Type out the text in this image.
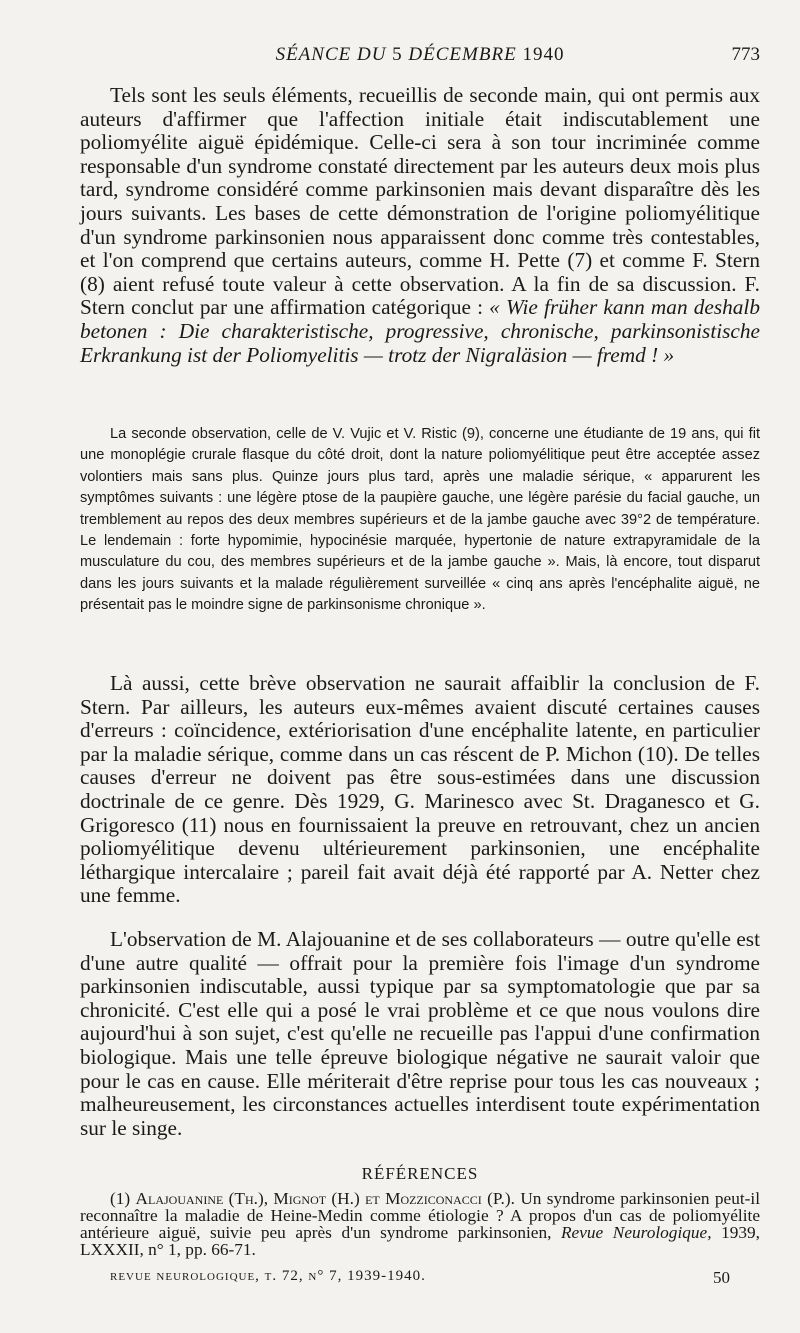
SÉANCE DU 5 DÉCEMBRE 1940	773

Tels sont les seuls éléments, recueillis de seconde main, qui ont permis aux auteurs d'affirmer que l'affection initiale était indiscutablement une poliomyélite aiguë épidémique. Celle-ci sera à son tour incriminée comme responsable d'un syndrome constaté directement par les auteurs deux mois plus tard, syndrome considéré comme parkinsonien mais devant disparaître dès les jours suivants. Les bases de cette démonstration de l'origine poliomyélitique d'un syndrome parkinsonien nous apparaissent donc comme très contestables, et l'on comprend que certains auteurs, comme H. Pette (7) et comme F. Stern (8) aient refusé toute valeur à cette observation. A la fin de sa discussion. F. Stern conclut par une affirmation catégorique : « Wie früher kann man deshalb betonen : Die charakteristische, progressive, chronische, parkinsonistische Erkrankung ist der Poliomyelitis — trotz der Nigraläsion — fremd ! »

La seconde observation, celle de V. Vujic et V. Ristic (9), concerne une étudiante de 19 ans, qui fit une monoplégie crurale flasque du côté droit, dont la nature poliomyélitique peut être acceptée assez volontiers mais sans plus. Quinze jours plus tard, après une maladie sérique, « apparurent les symptômes suivants : une légère ptose de la paupière gauche, une légère parésie du facial gauche, un tremblement au repos des deux membres supérieurs et de la jambe gauche avec 39°2 de température. Le lendemain : forte hypomimie, hypocinésie marquée, hypertonie de nature extrapyramidale de la musculature du cou, des membres supérieurs et de la jambe gauche ». Mais, là encore, tout disparut dans les jours suivants et la malade régulièrement surveillée « cinq ans après l'encéphalite aiguë, ne présentait pas le moindre signe de parkinsonisme chronique ».

Là aussi, cette brève observation ne saurait affaiblir la conclusion de F. Stern. Par ailleurs, les auteurs eux-mêmes avaient discuté certaines causes d'erreurs : coïncidence, extériorisation d'une encéphalite latente, en particulier par la maladie sérique, comme dans un cas réscent de P. Michon (10). De telles causes d'erreur ne doivent pas être sous-estimées dans une discussion doctrinale de ce genre. Dès 1929, G. Marinesco avec St. Draganesco et G. Grigoresco (11) nous en fournissaient la preuve en retrouvant, chez un ancien poliomyélitique devenu ultérieurement parkinsonien, une encéphalite léthargique intercalaire ; pareil fait avait déjà été rapporté par A. Netter chez une femme.

L'observation de M. Alajouanine et de ses collaborateurs — outre qu'elle est d'une autre qualité — offrait pour la première fois l'image d'un syndrome parkinsonien indiscutable, aussi typique par sa symptomatologie que par sa chronicité. C'est elle qui a posé le vrai problème et ce que nous voulons dire aujourd'hui à son sujet, c'est qu'elle ne recueille pas l'appui d'une confirmation biologique. Mais une telle épreuve biologique négative ne saurait valoir que pour le cas en cause. Elle mériterait d'être reprise pour tous les cas nouveaux ; malheureusement, les circonstances actuelles interdisent toute expérimentation sur le singe.

RÉFÉRENCES

(1) Alajouanine (Th.), Mignot (H.) et Mozziconacci (P.). Un syndrome parkinsonien peut-il reconnaître la maladie de Heine-Medin comme étiologie ? A propos d'un cas de poliomyélite antérieure aiguë, suivie peu après d'un syndrome parkinsonien, Revue Neurologique, 1939, LXXXII, n° 1, pp. 66-71.

revue neurologique, t. 72, n° 7, 1939-1940.	50
